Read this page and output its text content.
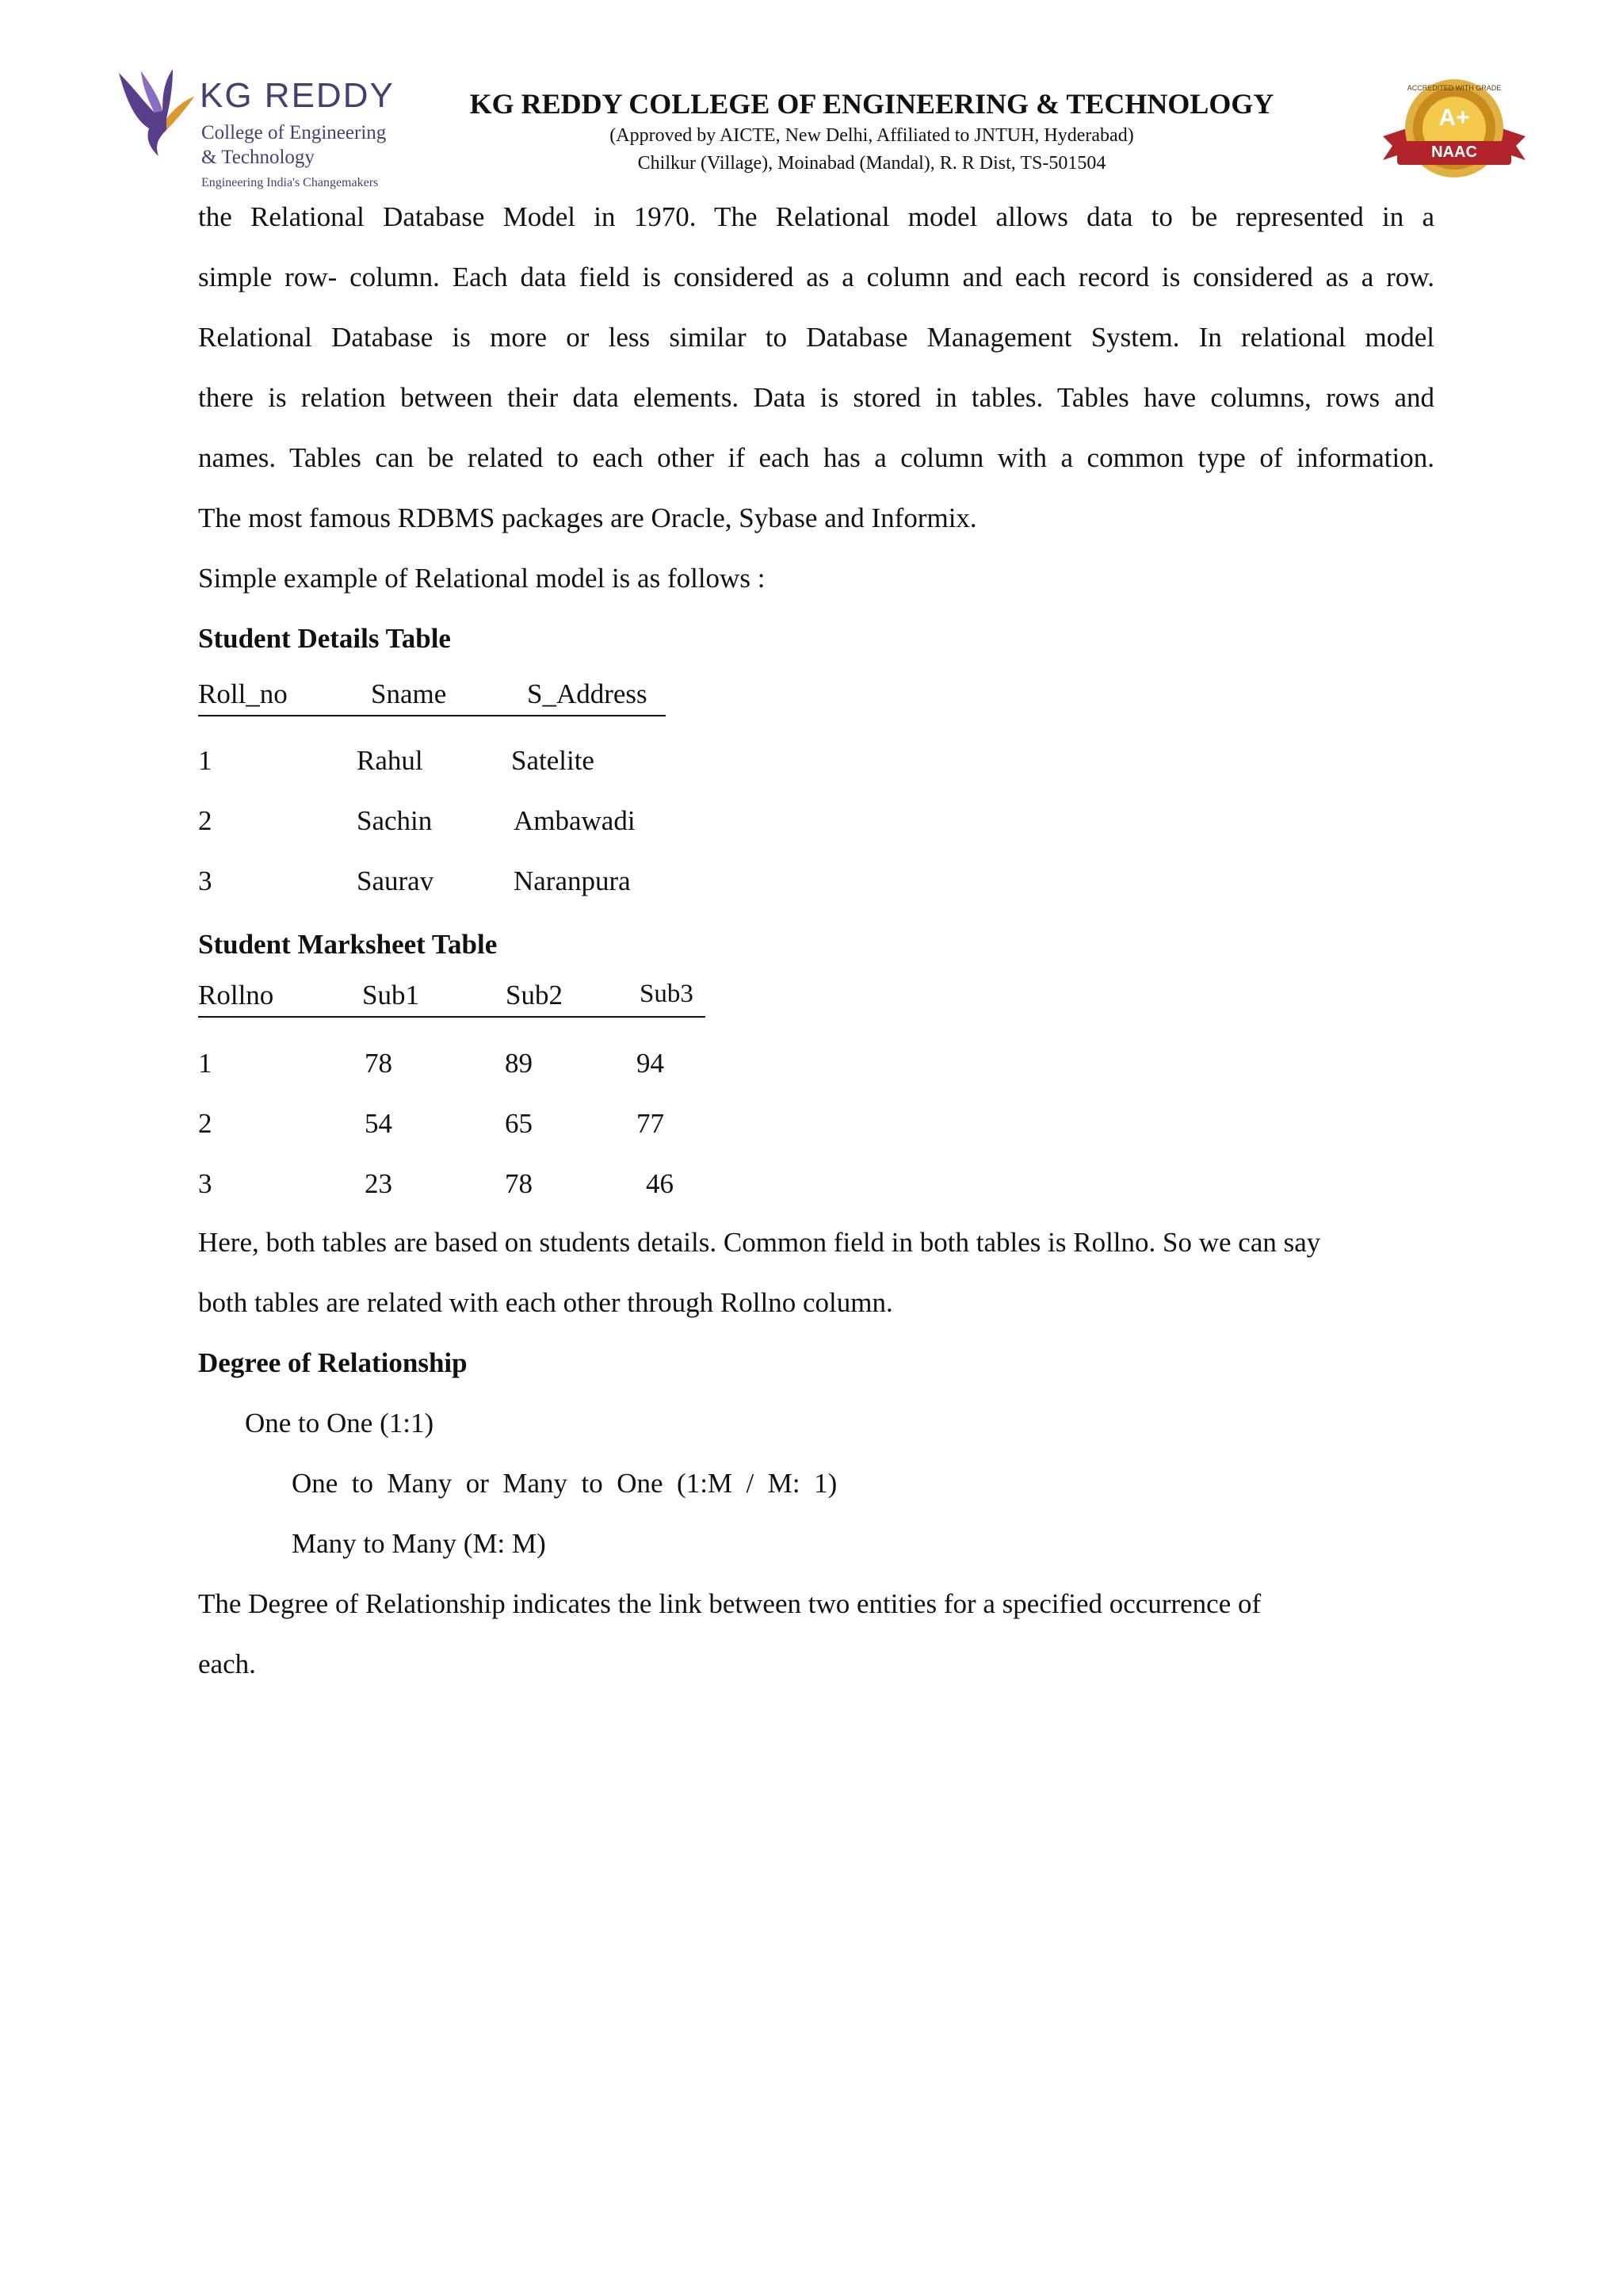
KG REDDY
College of Engineering
& Technology
Engineering India's Changemakers
KG REDDY COLLEGE OF ENGINEERING & TECHNOLOGY
(Approved by AICTE, New Delhi, Affiliated to JNTUH, Hyderabad)
Chilkur (Village), Moinabad (Mandal), R. R Dist, TS-501504
A+
NAAC
ACCREDITED WITH GRADE
the Relational Database Model in 1970. The Relational model allows data to be represented in a
simple row- column. Each data field is considered as a column and each record is considered as a row.
Relational Database is more or less similar to Database Management System. In relational model
there is relation between their data elements. Data is stored in tables. Tables have columns, rows and
names. Tables can be related to each other if each has a column with a common type of information.
The most famous RDBMS packages are Oracle, Sybase and Informix.
Simple example of Relational model is as follows :
Student Details Table
Roll_no	Sname	S_Address
1	Rahul	Satelite
2	Sachin	Ambawadi
3	Saurav	Naranpura
Student Marksheet Table
Rollno	Sub1	Sub2	Sub3
1	78	89	94
2	54	65	77
3	23	78	46
Here, both tables are based on students details. Common field in both tables is Rollno. So we can say
both tables are related with each other through Rollno column.
Degree of Relationship
One to One (1:1)
One  to  Many  or  Many  to  One  (1:M  /  M:  1)
Many to Many (M: M)
The Degree of Relationship indicates the link between two entities for a specified occurrence of
each.
